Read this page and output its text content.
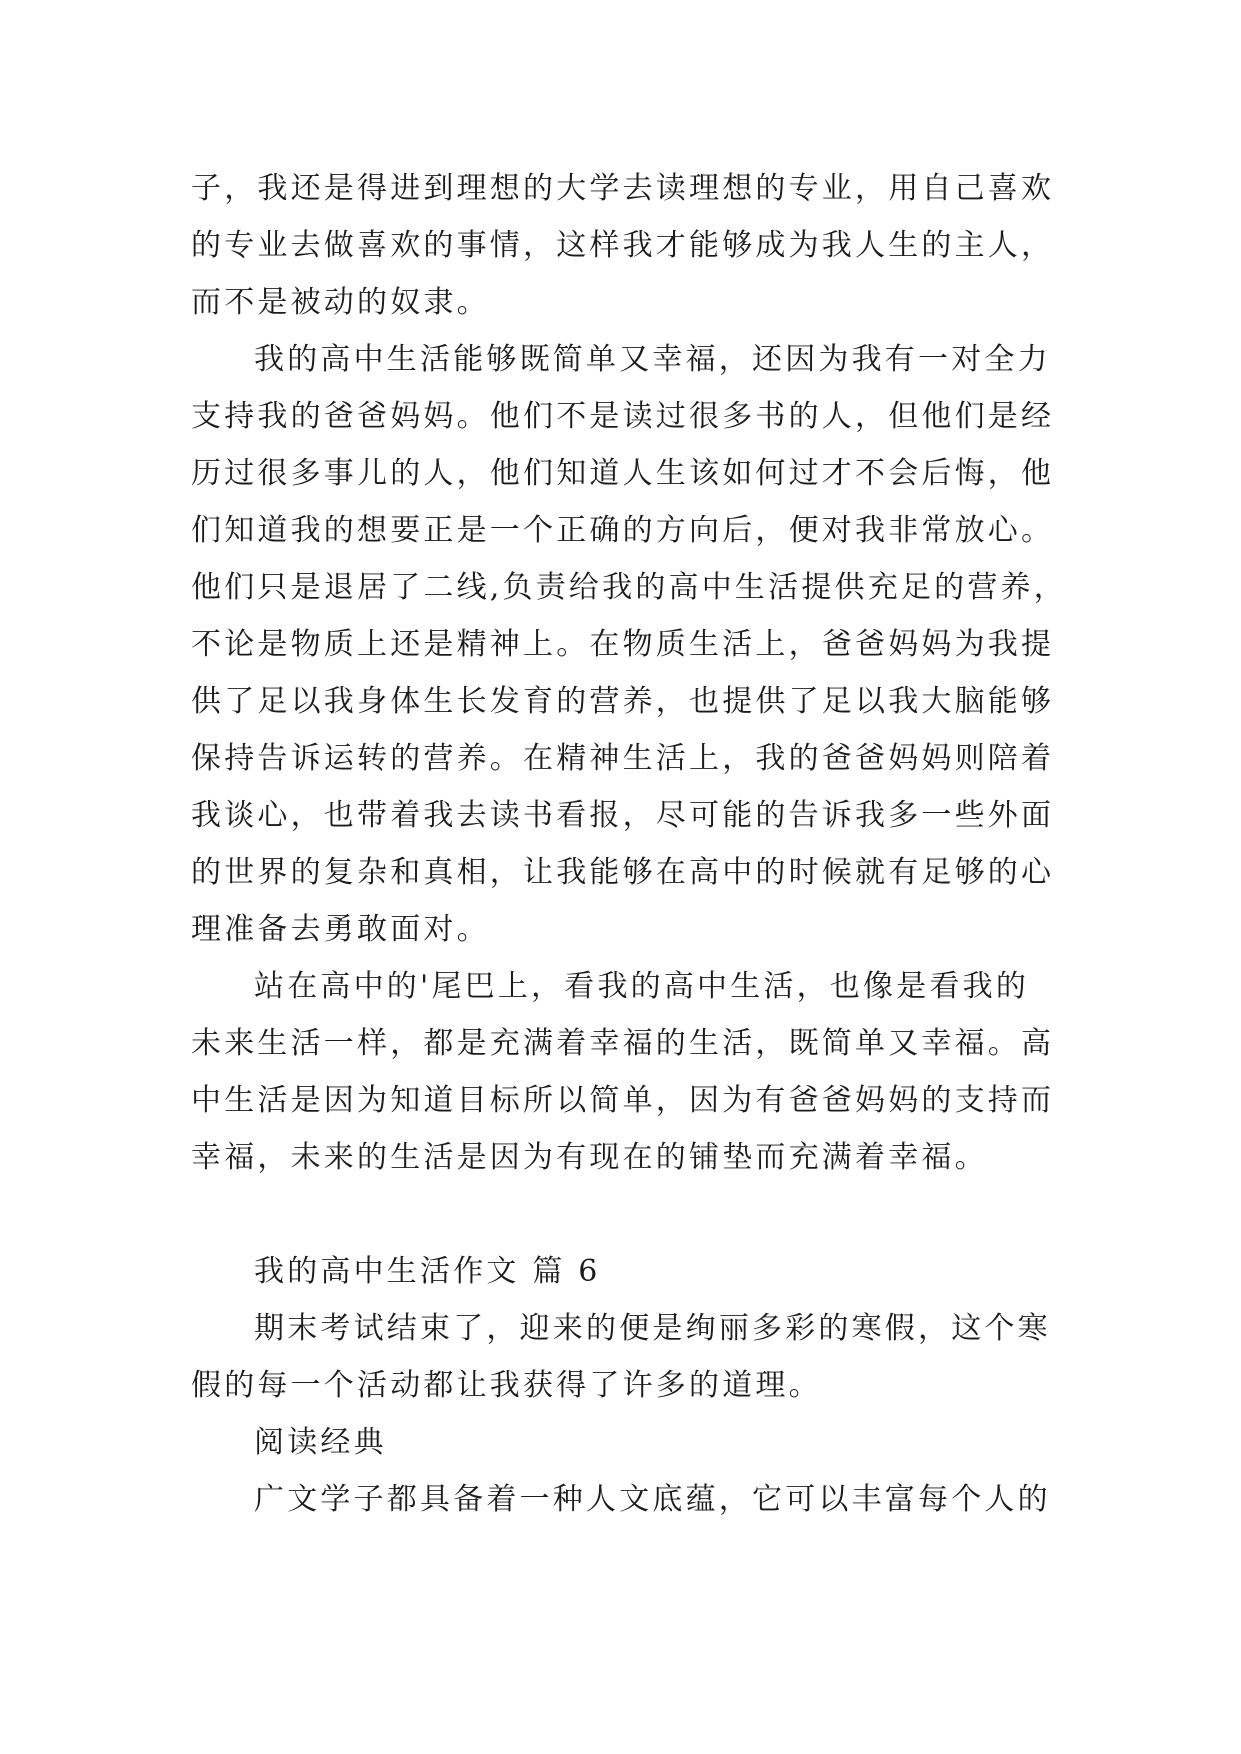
子，我还是得进到理想的大学去读理想的专业，用自己喜欢
的专业去做喜欢的事情，这样我才能够成为我人生的主人，
而不是被动的奴隶。
我的高中生活能够既简单又幸福，还因为我有一对全力
支持我的爸爸妈妈。他们不是读过很多书的人，但他们是经
历过很多事儿的人，他们知道人生该如何过才不会后悔，他
们知道我的想要正是一个正确的方向后，便对我非常放心。
他们只是退居了二线,负责给我的高中生活提供充足的营养，
不论是物质上还是精神上。在物质生活上，爸爸妈妈为我提
供了足以我身体生长发育的营养，也提供了足以我大脑能够
保持告诉运转的营养。在精神生活上，我的爸爸妈妈则陪着
我谈心，也带着我去读书看报，尽可能的告诉我多一些外面
的世界的复杂和真相，让我能够在高中的时候就有足够的心
理准备去勇敢面对。
站在高中的'尾巴上，看我的高中生活，也像是看我的
未来生活一样，都是充满着幸福的生活，既简单又幸福。高
中生活是因为知道目标所以简单，因为有爸爸妈妈的支持而
幸福，未来的生活是因为有现在的铺垫而充满着幸福。
我的高中生活作文 篇 6
期末考试结束了，迎来的便是绚丽多彩的寒假，这个寒
假的每一个活动都让我获得了许多的道理。
阅读经典
广文学子都具备着一种人文底蕴，它可以丰富每个人的
